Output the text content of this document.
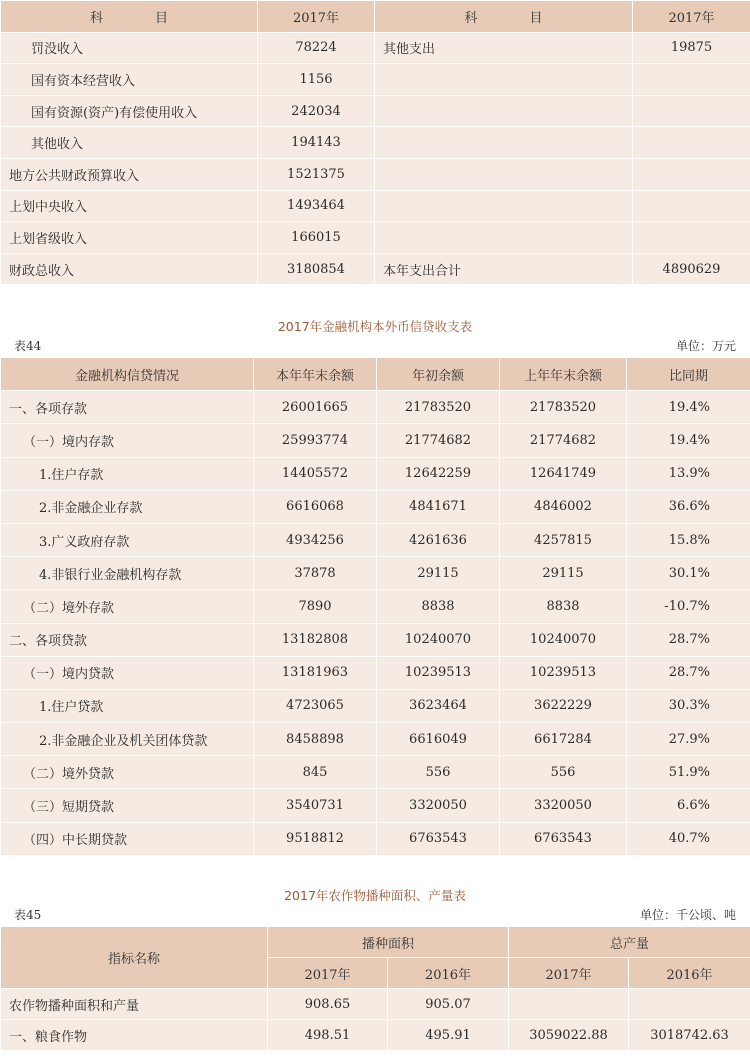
科　　　　目	2017年	科　　　　目	2017年
罚没收入	78224	其他支出	19875
国有资本经营收入	1156		
国有资源(资产)有偿使用收入	242034		
其他收入	194143		
地方公共财政预算收入	1521375		
上划中央收入	1493464		
上划省级收入	166015		
财政总收入	3180854	本年支出合计	4890629
2017年金融机构本外币信贷收支表
表44	单位：万元
金融机构信贷情况	本年年末余额	年初余额	上年年末余额	比同期
一、各项存款	26001665	21783520	21783520	19.4%
（一）境内存款	25993774	21774682	21774682	19.4%
1.住户存款	14405572	12642259	12641749	13.9%
2.非金融企业存款	6616068	4841671	4846002	36.6%
3.广义政府存款	4934256	4261636	4257815	15.8%
4.非银行业金融机构存款	37878	29115	29115	30.1%
（二）境外存款	7890	8838	8838	-10.7%
二、各项贷款	13182808	10240070	10240070	28.7%
（一）境内贷款	13181963	10239513	10239513	28.7%
1.住户贷款	4723065	3623464	3622229	30.3%
2.非金融企业及机关团体贷款	8458898	6616049	6617284	27.9%
（二）境外贷款	845	556	556	51.9%
（三）短期贷款	3540731	3320050	3320050	6.6%
（四）中长期贷款	9518812	6763543	6763543	40.7%
2017年农作物播种面积、产量表
表45	单位：千公顷、吨
指标名称	播种面积		总产量	
	2017年	2016年	2017年	2016年
农作物播种面积和产量	908.65	905.07		
一、粮食作物	498.51	495.91	3059022.88	3018742.63
